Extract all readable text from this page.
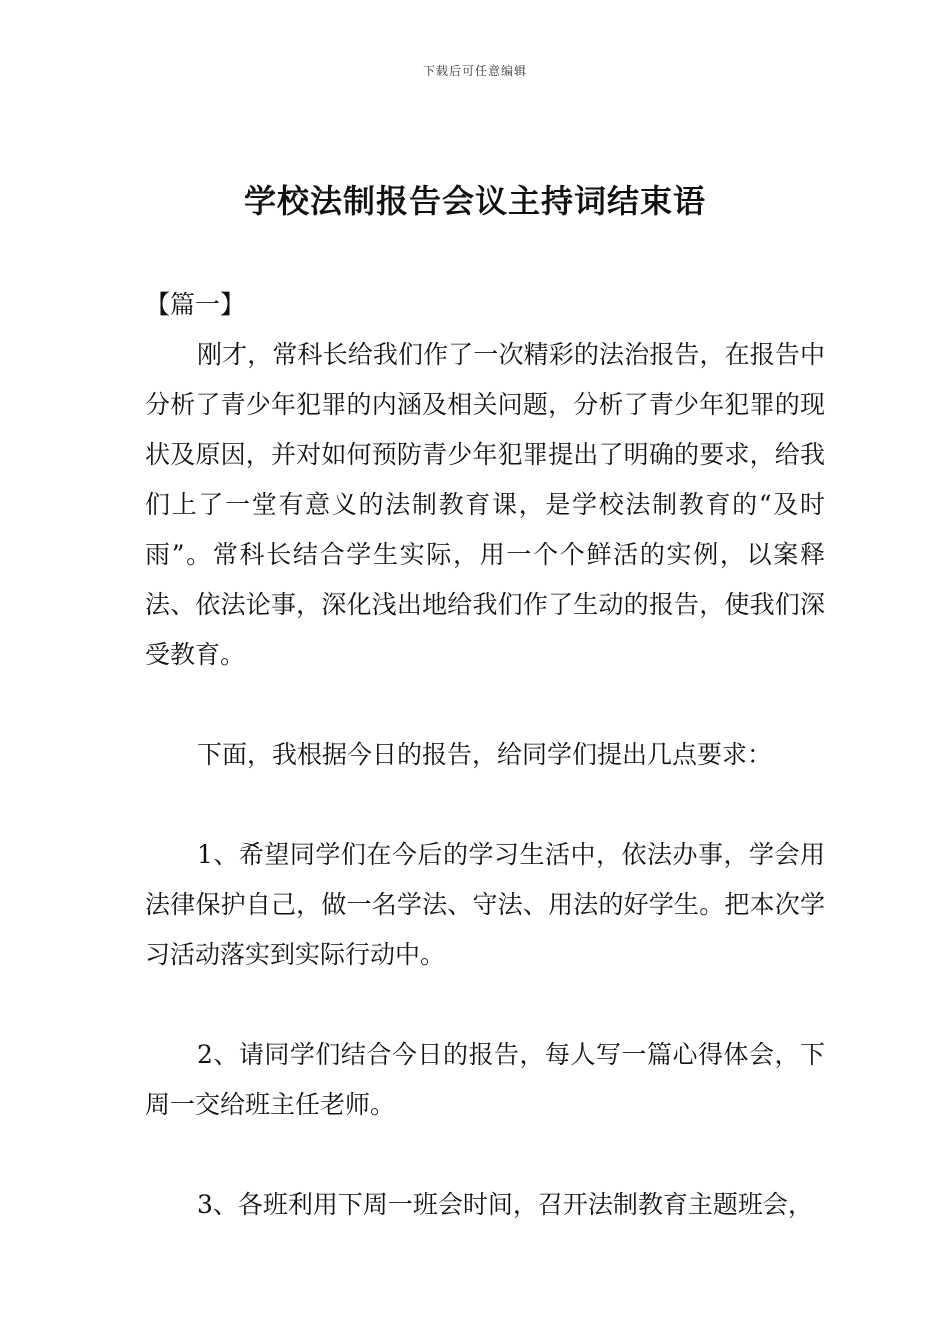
下载后可任意编辑
学校法制报告会议主持词结束语

【篇一】

刚才，常科长给我们作了一次精彩的法治报告，在报告中分析了青少年犯罪的内涵及相关问题，分析了青少年犯罪的现状及原因，并对如何预防青少年犯罪提出了明确的要求，给我们上了一堂有意义的法制教育课，是学校法制教育的“及时雨”。常科长结合学生实际，用一个个鲜活的实例，以案释法、依法论事，深化浅出地给我们作了生动的报告，使我们深受教育。

下面，我根据今日的报告，给同学们提出几点要求：

1、希望同学们在今后的学习生活中，依法办事，学会用法律保护自己，做一名学法、守法、用法的好学生。把本次学习活动落实到实际行动中。

2、请同学们结合今日的报告，每人写一篇心得体会，下周一交给班主任老师。

3、各班利用下周一班会时间，召开法制教育主题班会，
